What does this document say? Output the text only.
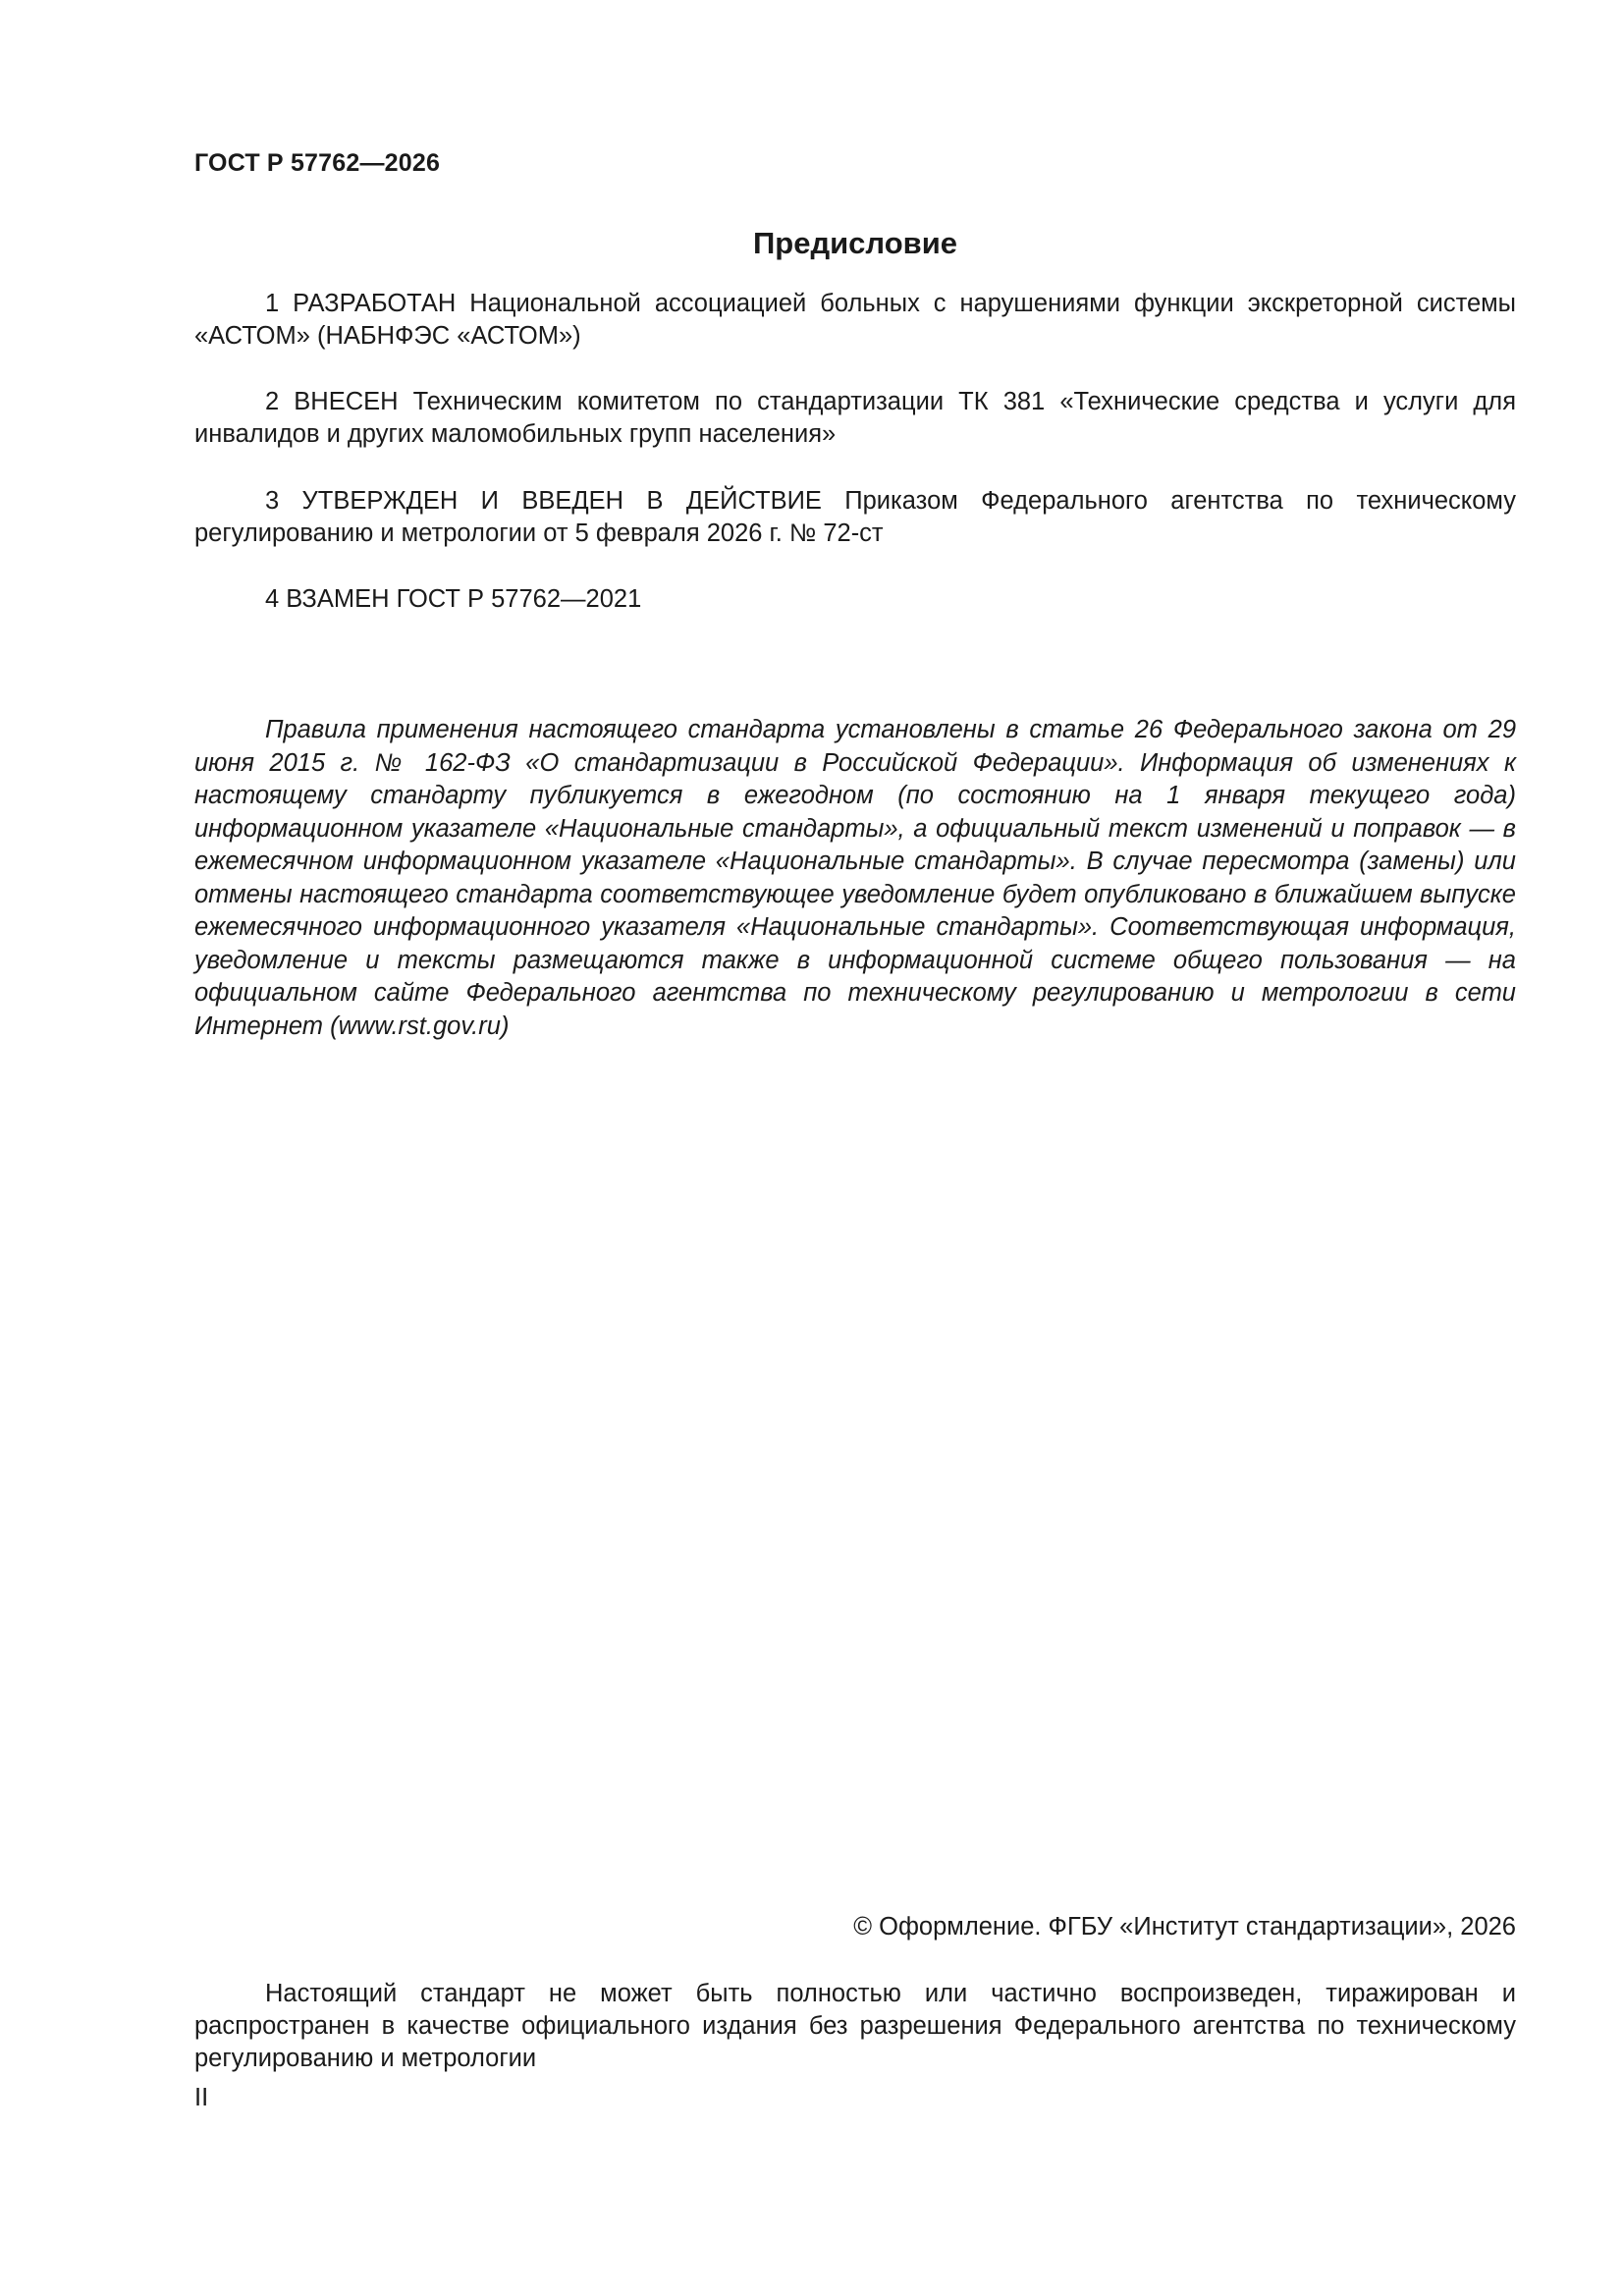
ГОСТ Р 57762—2026
Предисловие

1 РАЗРАБОТАН Национальной ассоциацией больных с нарушениями функции экскреторной системы «АСТОМ» (НАБНФЭС «АСТОМ»)

2 ВНЕСЕН Техническим комитетом по стандартизации ТК 381 «Технические средства и услуги для инвалидов и других маломобильных групп населения»

3 УТВЕРЖДЕН И ВВЕДЕН В ДЕЙСТВИЕ Приказом Федерального агентства по техническому регулированию и метрологии от 5 февраля 2026 г. № 72-ст

4 ВЗАМЕН ГОСТ Р 57762—2021

Правила применения настоящего стандарта установлены в статье 26 Федерального закона от 29 июня 2015 г. № 162-ФЗ «О стандартизации в Российской Федерации». Информация об изменениях к настоящему стандарту публикуется в ежегодном (по состоянию на 1 января текущего года) информационном указателе «Национальные стандарты», а официальный текст изменений и поправок — в ежемесячном информационном указателе «Национальные стандарты». В случае пересмотра (замены) или отмены настоящего стандарта соответствующее уведомление будет опубликовано в ближайшем выпуске ежемесячного информационного указателя «Национальные стандарты». Соответствующая информация, уведомление и тексты размещаются также в информационной системе общего пользования — на официальном сайте Федерального агентства по техническому регулированию и метрологии в сети Интернет (www.rst.gov.ru)

© Оформление. ФГБУ «Институт стандартизации», 2026

Настоящий стандарт не может быть полностью или частично воспроизведен, тиражирован и распространен в качестве официального издания без разрешения Федерального агентства по техническому регулированию и метрологии

II
